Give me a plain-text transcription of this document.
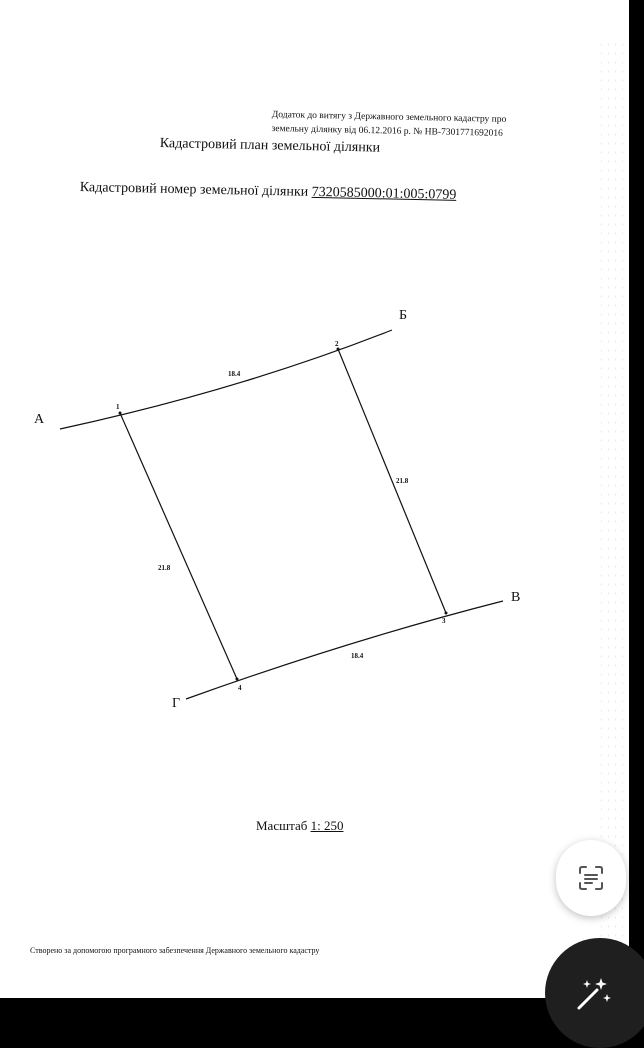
Додаток до витягу з Державного земельного кадастру про
земельну ділянку від 06.12.2016 р. № НВ-7301771692016
Кадастровий план земельної ділянки
Кадастровий номер земельної ділянки 7320585000:01:005:0799
1
2
3
4
18.4
21.8
18.4
21.8
А
Б
В
Г
Масштаб 1: 250
Створено за допомогою програмного забезпечення Державного земельного кадастру
